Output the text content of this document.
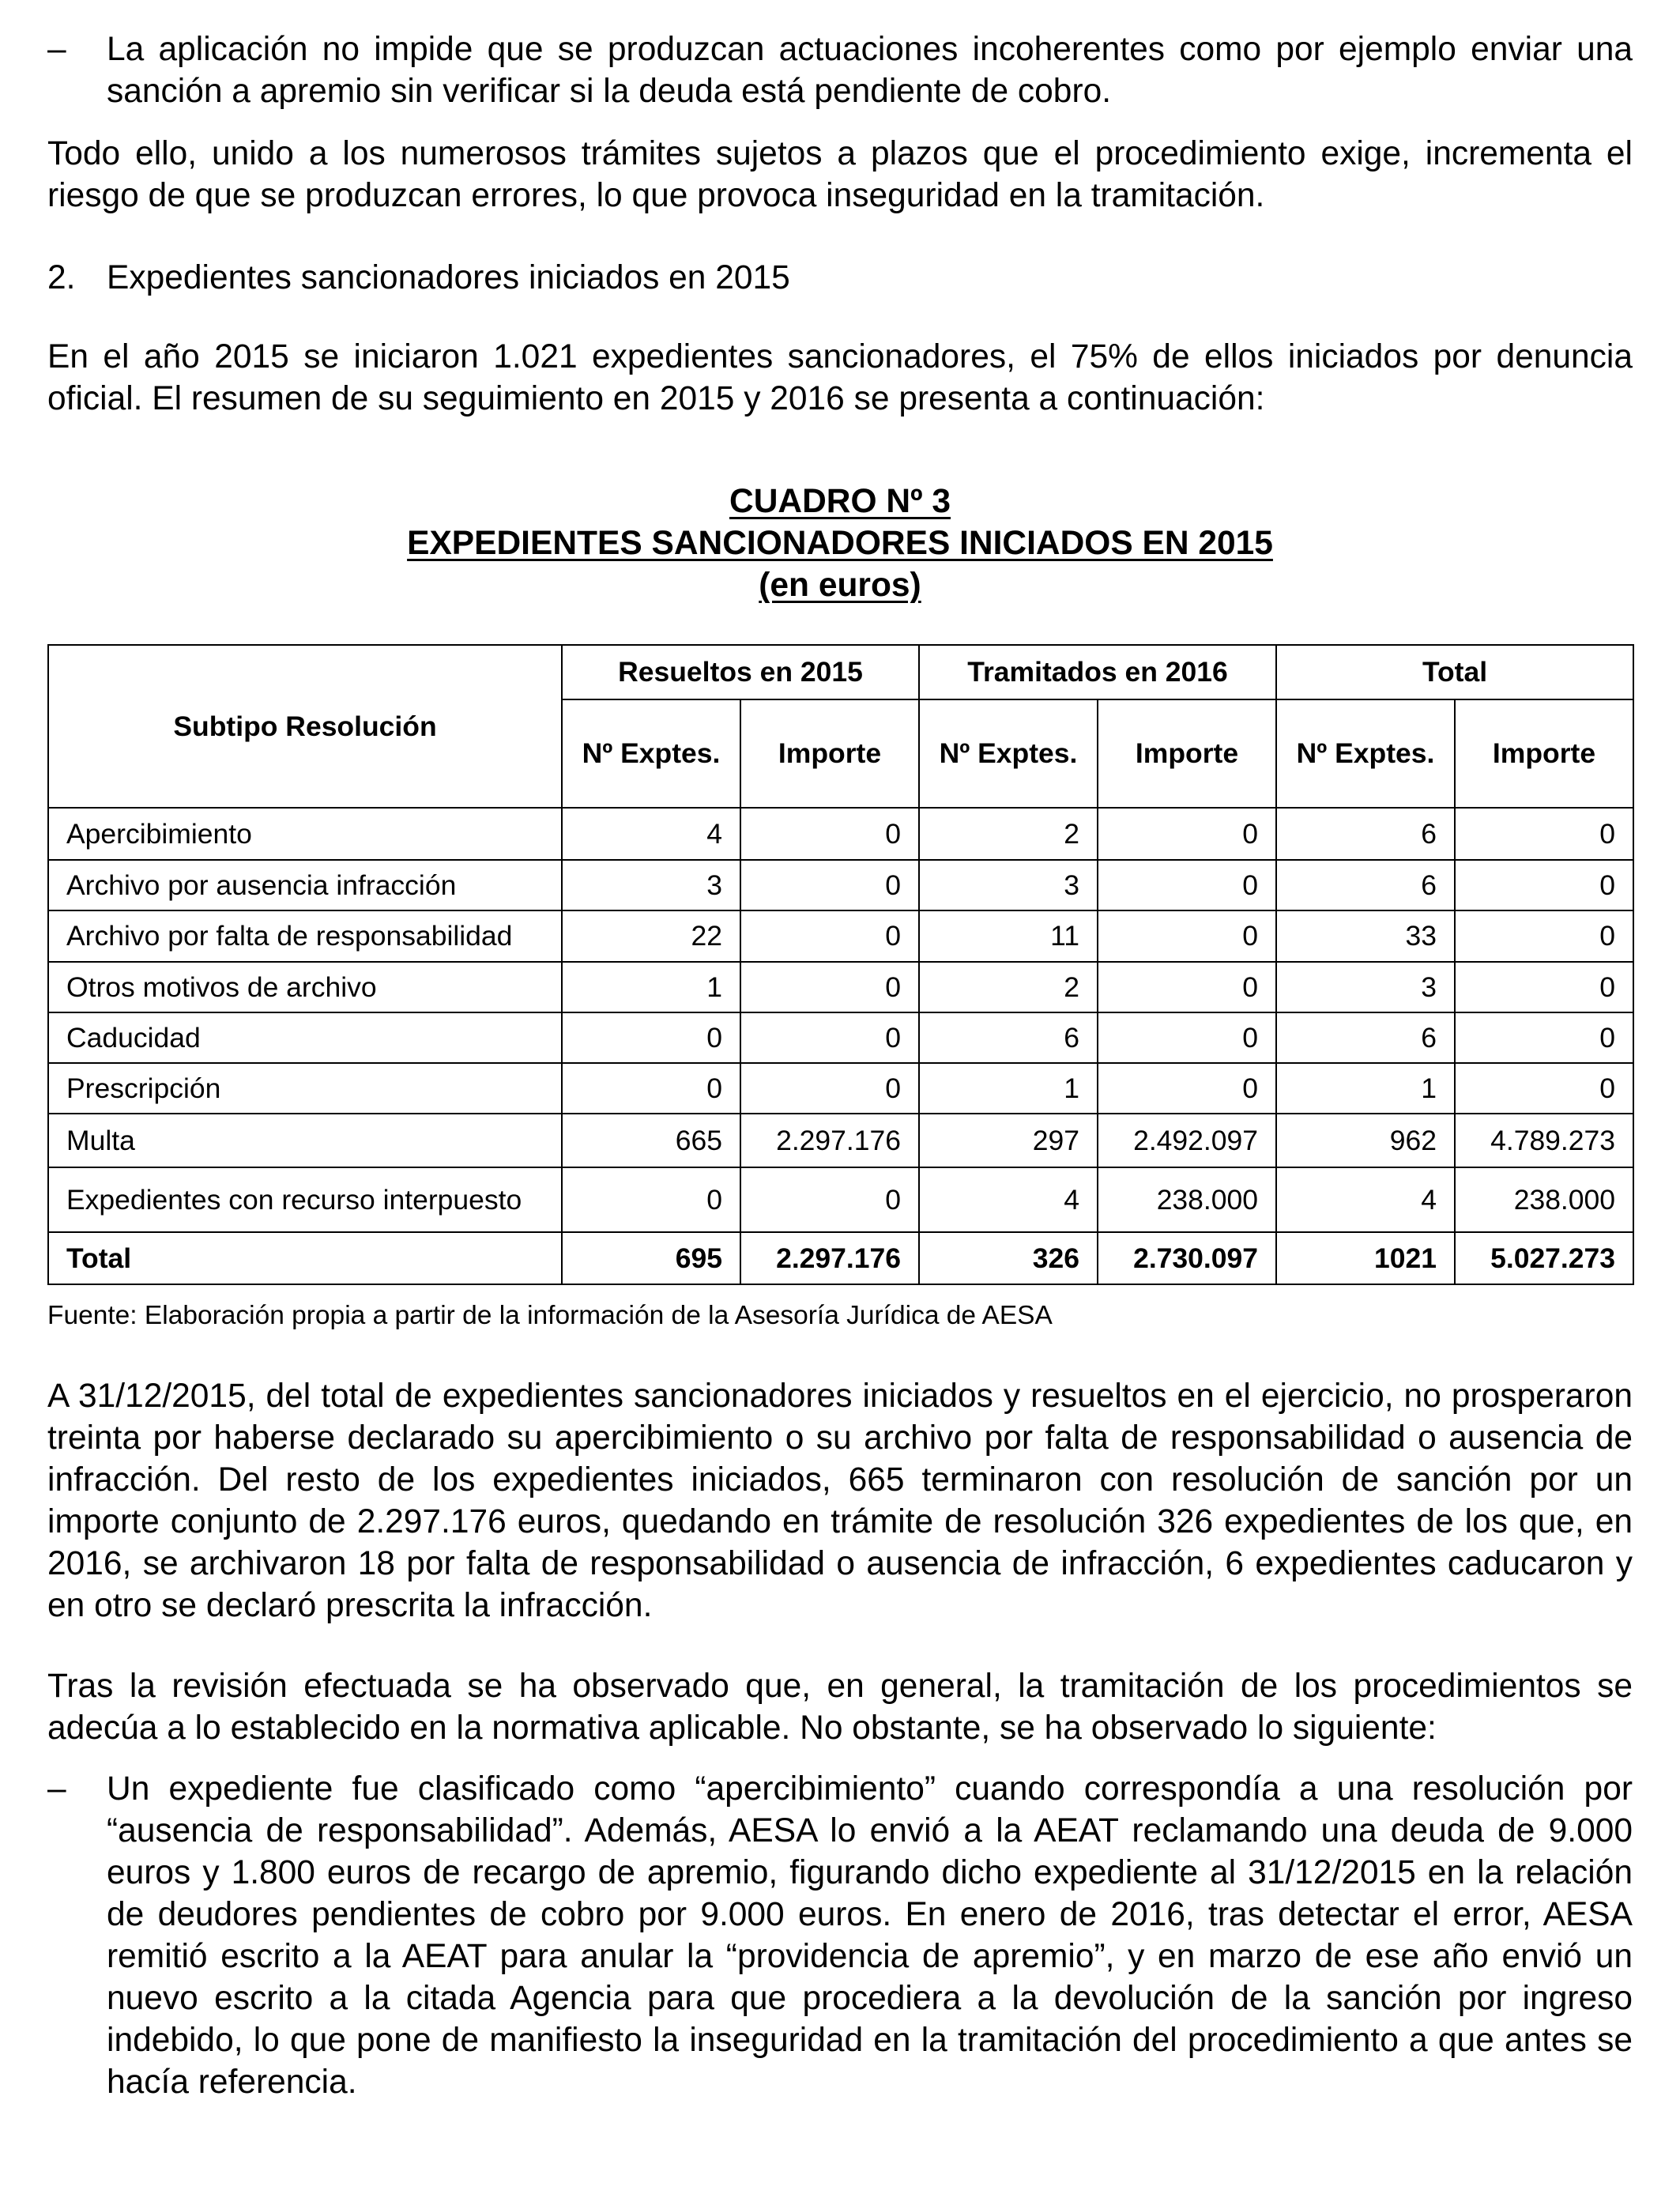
– La aplicación no impide que se produzcan actuaciones incoherentes como por ejemplo enviar una sanción a apremio sin verificar si la deuda está pendiente de cobro.

Todo ello, unido a los numerosos trámites sujetos a plazos que el procedimiento exige, incrementa el riesgo de que se produzcan errores, lo que provoca inseguridad en la tramitación.

2. Expedientes sancionadores iniciados en 2015

En el año 2015 se iniciaron 1.021 expedientes sancionadores, el 75% de ellos iniciados por denuncia oficial. El resumen de su seguimiento en 2015 y 2016 se presenta a continuación:

CUADRO Nº 3
EXPEDIENTES SANCIONADORES INICIADOS EN 2015
(en euros)
Subtipo Resolución	Resueltos en 2015		Tramitados en 2016		Total	
	Nº Exptes.	Importe	Nº Exptes.	Importe	Nº Exptes.	Importe
Apercibimiento	4	0	2	0	6	0
Archivo por ausencia infracción	3	0	3	0	6	0
Archivo por falta de responsabilidad	22	0	11	0	33	0
Otros motivos de archivo	1	0	2	0	3	0
Caducidad	0	0	6	0	6	0
Prescripción	0	0	1	0	1	0
Multa	665	2.297.176	297	2.492.097	962	4.789.273
Expedientes con recurso interpuesto	0	0	4	238.000	4	238.000
Total	695	2.297.176	326	2.730.097	1021	5.027.273
Fuente: Elaboración propia a partir de la información de la Asesoría Jurídica de AESA

A 31/12/2015, del total de expedientes sancionadores iniciados y resueltos en el ejercicio, no prosperaron treinta por haberse declarado su apercibimiento o su archivo por falta de responsabilidad o ausencia de infracción. Del resto de los expedientes iniciados, 665 terminaron con resolución de sanción por un importe conjunto de 2.297.176 euros, quedando en trámite de resolución 326 expedientes de los que, en 2016, se archivaron 18 por falta de responsabilidad o ausencia de infracción, 6 expedientes caducaron y en otro se declaró prescrita la infracción.

Tras la revisión efectuada se ha observado que, en general, la tramitación de los procedimientos se adecúa a lo establecido en la normativa aplicable. No obstante, se ha observado lo siguiente:

– Un expediente fue clasificado como “apercibimiento” cuando correspondía a una resolución por “ausencia de responsabilidad”. Además, AESA lo envió a la AEAT reclamando una deuda de 9.000 euros y 1.800 euros de recargo de apremio, figurando dicho expediente al 31/12/2015 en la relación de deudores pendientes de cobro por 9.000 euros. En enero de 2016, tras detectar el error, AESA remitió escrito a la AEAT para anular la “providencia de apremio”, y en marzo de ese año envió un nuevo escrito a la citada Agencia para que procediera a la devolución de la sanción por ingreso indebido, lo que pone de manifiesto la inseguridad en la tramitación del procedimiento a que antes se hacía referencia.
